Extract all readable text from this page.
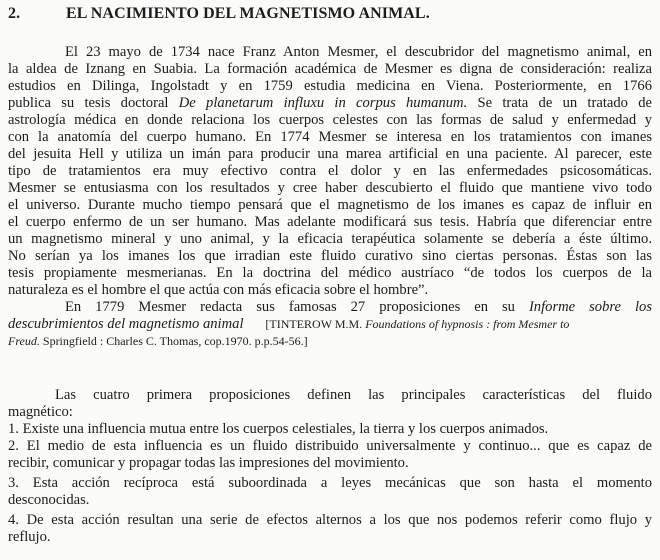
2.	EL NACIMIENTO DEL MAGNETISMO ANIMAL.
El 23 mayo de 1734 nace Franz Anton Mesmer, el descubridor del magnetismo animal, en
la aldea de Iznang en Suabia. La formación académica de Mesmer es digna de consideración: realiza
estudios en Dilinga, Ingolstadt y en 1759 estudia medicina en Viena. Posteriormente, en 1766
publica su tesis doctoral De planetarum influxu in corpus humanum. Se trata de un tratado de
astrología médica en donde relaciona los cuerpos celestes con las formas de salud y enfermedad y
con la anatomía del cuerpo humano. En 1774 Mesmer se interesa en los tratamientos con imanes
del jesuita Hell y utiliza un imán para producir una marea artificial en una paciente. Al parecer, este
tipo de tratamientos era muy efectivo contra el dolor y en las enfermedades psicosomáticas.
Mesmer se entusiasma con los resultados y cree haber descubierto el fluido que mantiene vivo todo
el universo. Durante mucho tiempo pensará que el magnetismo de los imanes es capaz de influir en
el cuerpo enfermo de un ser humano. Mas adelante modificará sus tesis. Habría que diferenciar entre
un magnetismo mineral y uno animal, y la eficacia terapéutica solamente se debería a éste último.
No serían ya los imanes los que irradian este fluido curativo sino ciertas personas. Éstas son las
tesis propiamente mesmerianas. En la doctrina del médico austríaco “de todos los cuerpos de la
naturaleza es el hombre el que actúa con más eficacia sobre el hombre”.
En 1779 Mesmer redacta sus famosas 27 proposiciones en su Informe sobre los
descubrimientos del magnetismo animal [TINTEROW M.M. Foundations of hypnosis : from Mesmer to
Freud. Springfield : Charles C. Thomas, cop.1970. p.p.54-56.]
Las cuatro primera proposiciones definen las principales características del fluido
magnético:
1. Existe una influencia mutua entre los cuerpos celestiales, la tierra y los cuerpos animados.
2. El medio de esta influencia es un fluido distribuido universalmente y continuo... que es capaz de
recibir, comunicar y propagar todas las impresiones del movimiento.
3. Esta acción recíproca está suboordinada a leyes mecánicas que son hasta el momento
desconocidas.
4. De esta acción resultan una serie de efectos alternos a los que nos podemos referir como flujo y
reflujo.
